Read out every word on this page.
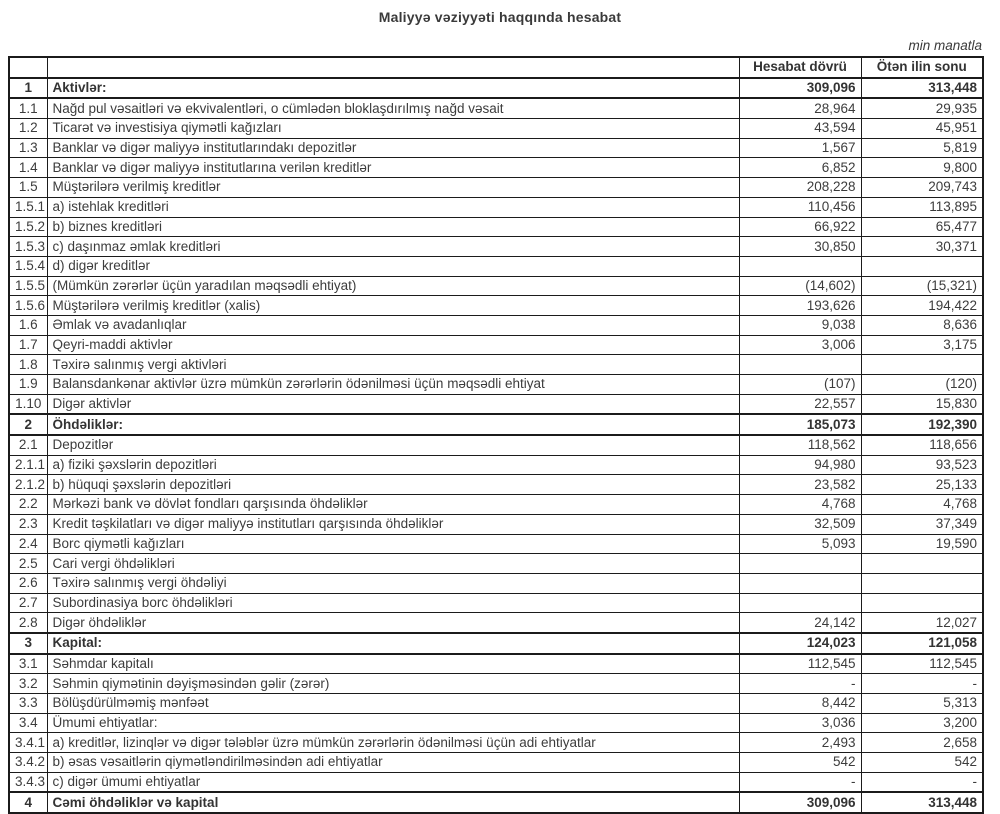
Maliyyə vəziyyəti haqqında hesabat
min manatla
		Hesabat dövrü	Ötən ilin sonu
1	Aktivlər:	309,096	313,448
1.1	Nağd pul vəsaitləri və ekvivalentləri, o cümlədən bloklaşdırılmış nağd vəsait	28,964	29,935
1.2	Ticarət və investisiya qiymətli kağızları	43,594	45,951
1.3	Banklar və digər maliyyə institutlarındakı depozitlər	1,567	5,819
1.4	Banklar və digər maliyyə institutlarına verilən kreditlər	6,852	9,800
1.5	Müştərilərə verilmiş kreditlər	208,228	209,743
1.5.1	a) istehlak kreditləri	110,456	113,895
1.5.2	b) biznes kreditləri	66,922	65,477
1.5.3	c) daşınmaz əmlak kreditləri	30,850	30,371
1.5.4	d) digər kreditlər		
1.5.5	(Mümkün zərərlər üçün yaradılan məqsədli ehtiyat)	(14,602)	(15,321)
1.5.6	Müştərilərə verilmiş kreditlər (xalis)	193,626	194,422
1.6	Əmlak və avadanlıqlar	9,038	8,636
1.7	Qeyri-maddi aktivlər	3,006	3,175
1.8	Təxirə salınmış vergi aktivləri		
1.9	Balansdankənar aktivlər üzrə mümkün zərərlərin ödənilməsi üçün məqsədli ehtiyat	(107)	(120)
1.10	Digər aktivlər	22,557	15,830
2	Öhdəliklər:	185,073	192,390
2.1	Depozitlər	118,562	118,656
2.1.1	a) fiziki şəxslərin depozitləri	94,980	93,523
2.1.2	b) hüquqi şəxslərin depozitləri	23,582	25,133
2.2	Mərkəzi bank və dövlət fondları qarşısında öhdəliklər	4,768	4,768
2.3	Kredit təşkilatları və digər maliyyə institutları qarşısında öhdəliklər	32,509	37,349
2.4	Borc qiymətli kağızları	5,093	19,590
2.5	Cari vergi öhdəlikləri		
2.6	Təxirə salınmış vergi öhdəliyi		
2.7	Subordinasiya borc öhdəlikləri		
2.8	Digər öhdəliklər	24,142	12,027
3	Kapital:	124,023	121,058
3.1	Səhmdar kapitalı	112,545	112,545
3.2	Səhmin qiymətinin dəyişməsindən gəlir (zərər)	-	-
3.3	Bölüşdürülməmiş mənfəət	8,442	5,313
3.4	Ümumi ehtiyatlar:	3,036	3,200
3.4.1	a) kreditlər, lizinqlər və digər tələblər üzrə mümkün zərərlərin ödənilməsi üçün adi ehtiyatlar	2,493	2,658
3.4.2	b) əsas vəsaitlərin qiymətləndirilməsindən adi ehtiyatlar	542	542
3.4.3	c) digər ümumi ehtiyatlar	-	-
4	Cəmi öhdəliklər və kapital	309,096	313,448
